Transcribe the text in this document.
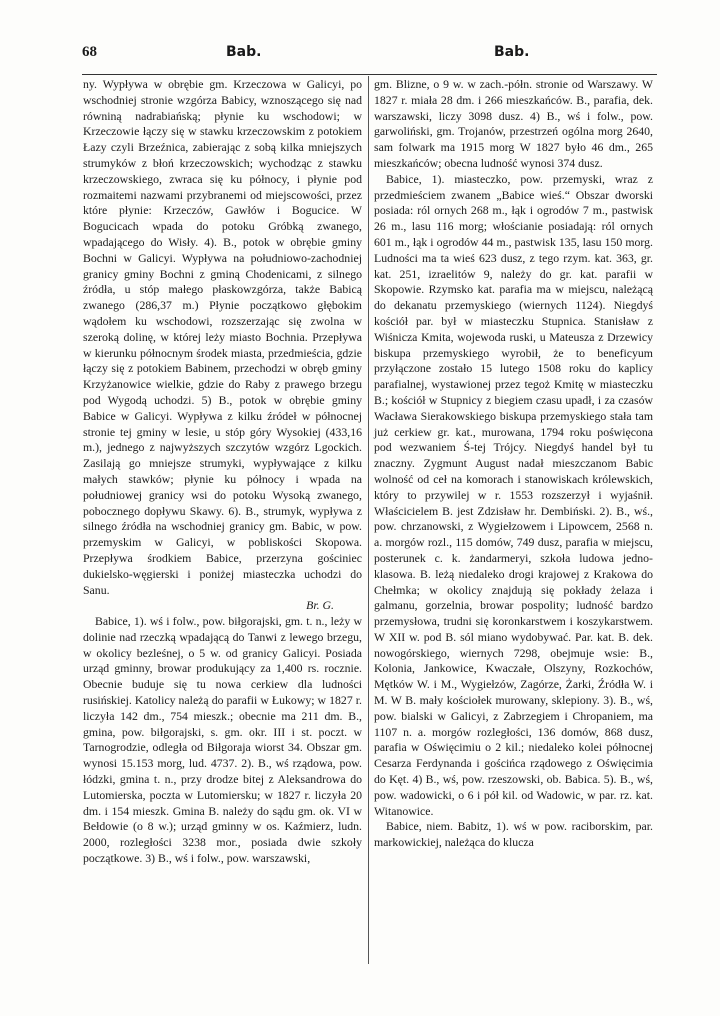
68	Bab.	Bab.

ny. Wypływa w obrębie gm. Krzeczowa w Galicyi, po wschodniej stronie wzgórza Babicy, wznoszącego się nad równiną nadrabiańską; płynie ku wschodowi; w Krzeczowie łączy się w stawku krzeczowskim z potokiem Łazy czyli Brzeźnica, zabierając z sobą kilka mniejszych strumyków z błoń krzeczowskich; wychodząc z stawku krzeczowskiego, zwraca się ku północy, i płynie pod rozmaitemi nazwami przybranemi od miejscowości, przez które płynie: Krzeczów, Gawłów i Bogucice. W Bogucicach wpada do potoku Gróbką zwanego, wpadającego do Wisły. 4). B., potok w obrębie gminy Bochni w Galicyi. Wypływa na południowo-zachodniej granicy gminy Bochni z gminą Chodenicami, z silnego źródła, u stóp małego płaskowzgórza, także Babicą zwanego (286,37 m.) Płynie początkowo głębokim wądołem ku wschodowi, rozszerzając się zwolna w szeroką dolinę, w której leży miasto Bochnia. Przepływa w kierunku północnym środek miasta, przedmieścia, gdzie łączy się z potokiem Babinem, przechodzi w obręb gminy Krzyżanowice wielkie, gdzie do Raby z prawego brzegu pod Wygodą uchodzi. 5) B., potok w obrębie gminy Babice w Galicyi. Wypływa z kilku źródeł w północnej stronie tej gminy w lesie, u stóp góry Wysokiej (433,16 m.), jednego z najwyższych szczytów wzgórz Lgockich. Zasilają go mniejsze strumyki, wypływające z kilku małych stawków; płynie ku północy i wpada na południowej granicy wsi do potoku Wysoką zwanego, pobocznego dopływu Skawy. 6). B., strumyk, wypływa z silnego źródła na wschodniej granicy gm. Babic, w pow. przemyskim w Galicyi, w pobliskości Skopowa. Przepływa środkiem Babice, przerzyna gościniec dukielsko-węgierski i poniżej miasteczka uchodzi do Sanu.

Br. G.

Babice, 1). wś i folw., pow. biłgorajski, gm. t. n., leży w dolinie nad rzeczką wpadającą do Tanwi z lewego brzegu, w okolicy bezleśnej, o 5 w. od granicy Galicyi. Posiada urząd gminny, browar produkujący za 1,400 rs. rocznie. Obecnie buduje się tu nowa cerkiew dla ludności rusińskiej. Katolicy należą do parafii w Łukowy; w 1827 r. liczyła 142 dm., 754 mieszk.; obecnie ma 211 dm. B., gmina, pow. biłgorajski, s. gm. okr. III i st. poczt. w Tarnogrodzie, odległa od Biłgoraja wiorst 34. Obszar gm. wynosi 15.153 morg, lud. 4737. 2). B., wś rządowa, pow. łódzki, gmina t. n., przy drodze bitej z Aleksandrowa do Lutomierska, poczta w Lutomiersku; w 1827 r. liczyła 20 dm. i 154 mieszk. Gmina B. należy do sądu gm. ok. VI w Bełdowie (o 8 w.); urząd gminny w os. Kaźmierz, ludn. 2000, rozległości 3238 mor., posiada dwie szkoły początkowe. 3) B., wś i folw., pow. warszawski,

gm. Blizne, o 9 w. w zach.-półn. stronie od Warszawy. W 1827 r. miała 28 dm. i 266 mieszkańców. B., parafia, dek. warszawski, liczy 3098 dusz. 4) B., wś i folw., pow. garwoliński, gm. Trojanów, przestrzeń ogólna morg 2640, sam folwark ma 1915 morg W 1827 było 46 dm., 265 mieszkańców; obecna ludność wynosi 374 dusz.

Babice, 1). miasteczko, pow. przemyski, wraz z przedmieściem zwanem „Babice wieś.“ Obszar dworski posiada: ról ornych 268 m., łąk i ogrodów 7 m., pastwisk 26 m., lasu 116 morg; włościanie posiadają: ról ornych 601 m., łąk i ogrodów 44 m., pastwisk 135, lasu 150 morg. Ludności ma ta wieś 623 dusz, z tego rzym. kat. 363, gr. kat. 251, izraelitów 9, należy do gr. kat. parafii w Skopowie. Rzymsko kat. parafia ma w miejscu, należącą do dekanatu przemyskiego (wiernych 1124). Niegdyś kościół par. był w miasteczku Stupnica. Stanisław z Wiśnicza Kmita, wojewoda ruski, u Mateusza z Drzewicy biskupa przemyskiego wyrobił, że to beneficyum przyłączone zostało 15 lutego 1508 roku do kaplicy parafialnej, wystawionej przez tegoż Kmitę w miasteczku B.; kościół w Stupnicy z biegiem czasu upadł, i za czasów Wacława Sierakowskiego biskupa przemyskiego stała tam już cerkiew gr. kat., murowana, 1794 roku poświęcona pod wezwaniem Ś-tej Trójcy. Niegdyś handel był tu znaczny. Zygmunt August nadał mieszczanom Babic wolność od ceł na komorach i stanowiskach królewskich, który to przywilej w r. 1553 rozszerzył i wyjaśnił. Właścicielem B. jest Zdzisław hr. Dembiński. 2). B., wś., pow. chrzanowski, z Wygiełzowem i Lipowcem, 2568 n. a. morgów rozl., 115 domów, 749 dusz, parafia w miejscu, posterunek c. k. żandarmeryi, szkoła ludowa jedno-klasowa. B. leżą niedaleko drogi krajowej z Krakowa do Chełmka; w okolicy znajdują się pokłady żelaza i galmanu, gorzelnia, browar pospolity; ludność bardzo przemysłowa, trudni się koronkarstwem i koszykarstwem. W XII w. pod B. sól miano wydobywać. Par. kat. B. dek. nowogórskiego, wiernych 7298, obejmuje wsie: B., Kolonia, Jankowice, Kwaczałe, Olszyny, Rozkochów, Mętków W. i M., Wygiełzów, Zagórze, Żarki, Źródła W. i M. W B. mały kościołek murowany, sklepiony. 3). B., wś, pow. bialski w Galicyi, z Zabrzegiem i Chropaniem, ma 1107 n. a. morgów rozległości, 136 domów, 868 dusz, parafia w Oświęcimiu o 2 kil.; niedaleko kolei północnej Cesarza Ferdynanda i gościńca rządowego z Oświęcimia do Kęt. 4) B., wś, pow. rzeszowski, ob. Babica. 5). B., wś, pow. wadowicki, o 6 i pół kil. od Wadowic, w par. rz. kat. Witanowice.

Babice, niem. Babitz, 1). wś w pow. raciborskim, par. markowickiej, należąca do klucza
